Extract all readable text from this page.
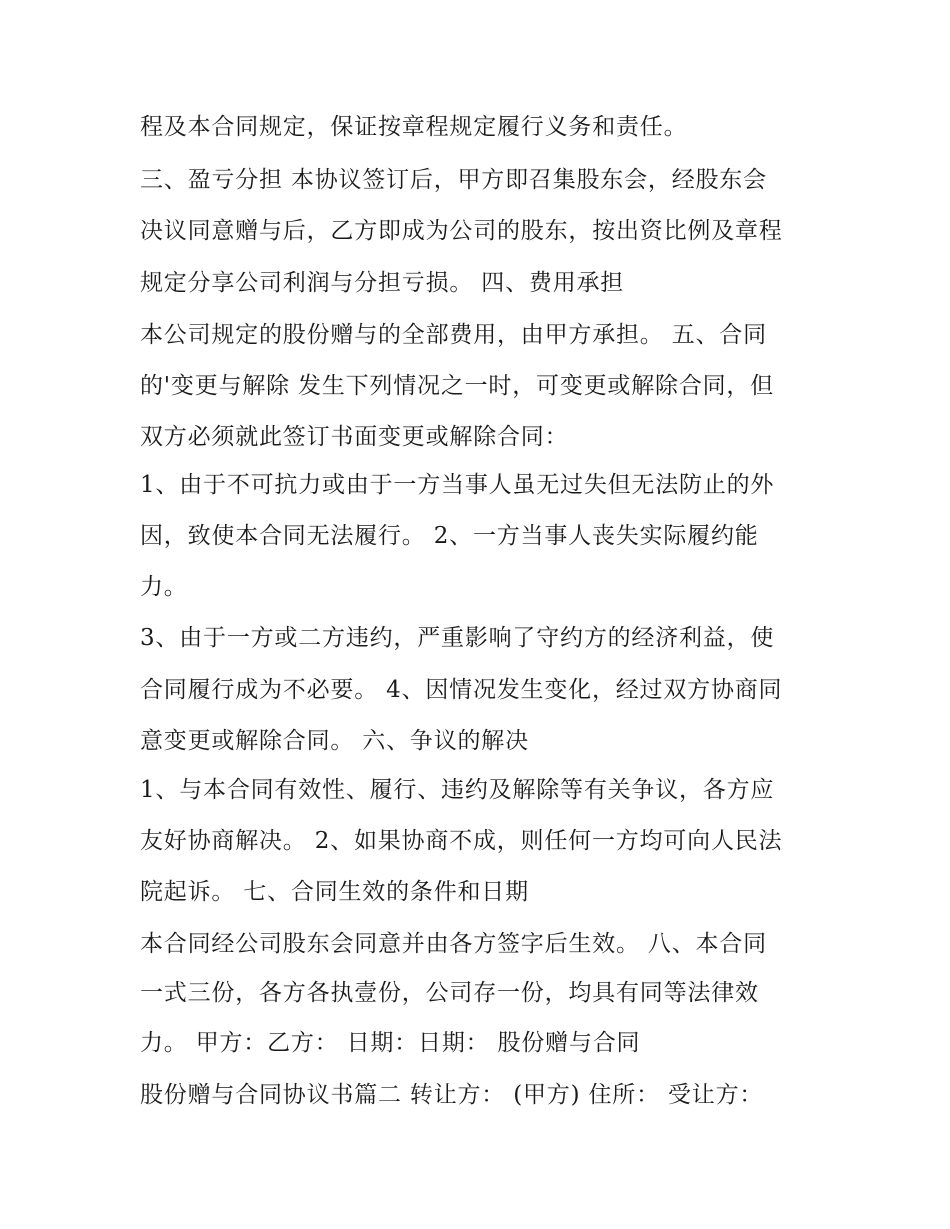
程及本合同规定，保证按章程规定履行义务和责任。
三、盈亏分担 本协议签订后，甲方即召集股东会，经股东会
决议同意赠与后，乙方即成为公司的股东，按出资比例及章程
规定分享公司利润与分担亏损。 四、费用承担
本公司规定的股份赠与的全部费用，由甲方承担。 五、合同
的'变更与解除 发生下列情况之一时，可变更或解除合同，但
双方必须就此签订书面变更或解除合同：
1、由于不可抗力或由于一方当事人虽无过失但无法防止的外
因，致使本合同无法履行。 2、一方当事人丧失实际履约能
力。
3、由于一方或二方违约，严重影响了守约方的经济利益，使
合同履行成为不必要。 4、因情况发生变化，经过双方协商同
意变更或解除合同。 六、争议的解决
1、与本合同有效性、履行、违约及解除等有关争议，各方应
友好协商解决。 2、如果协商不成，则任何一方均可向人民法
院起诉。 七、合同生效的条件和日期
本合同经公司股东会同意并由各方签字后生效。 八、本合同
一式三份，各方各执壹份，公司存一份，均具有同等法律效
力。 甲方：乙方： 日期：日期： 股份赠与合同
股份赠与合同协议书篇二 转让方： (甲方) 住所： 受让方：
